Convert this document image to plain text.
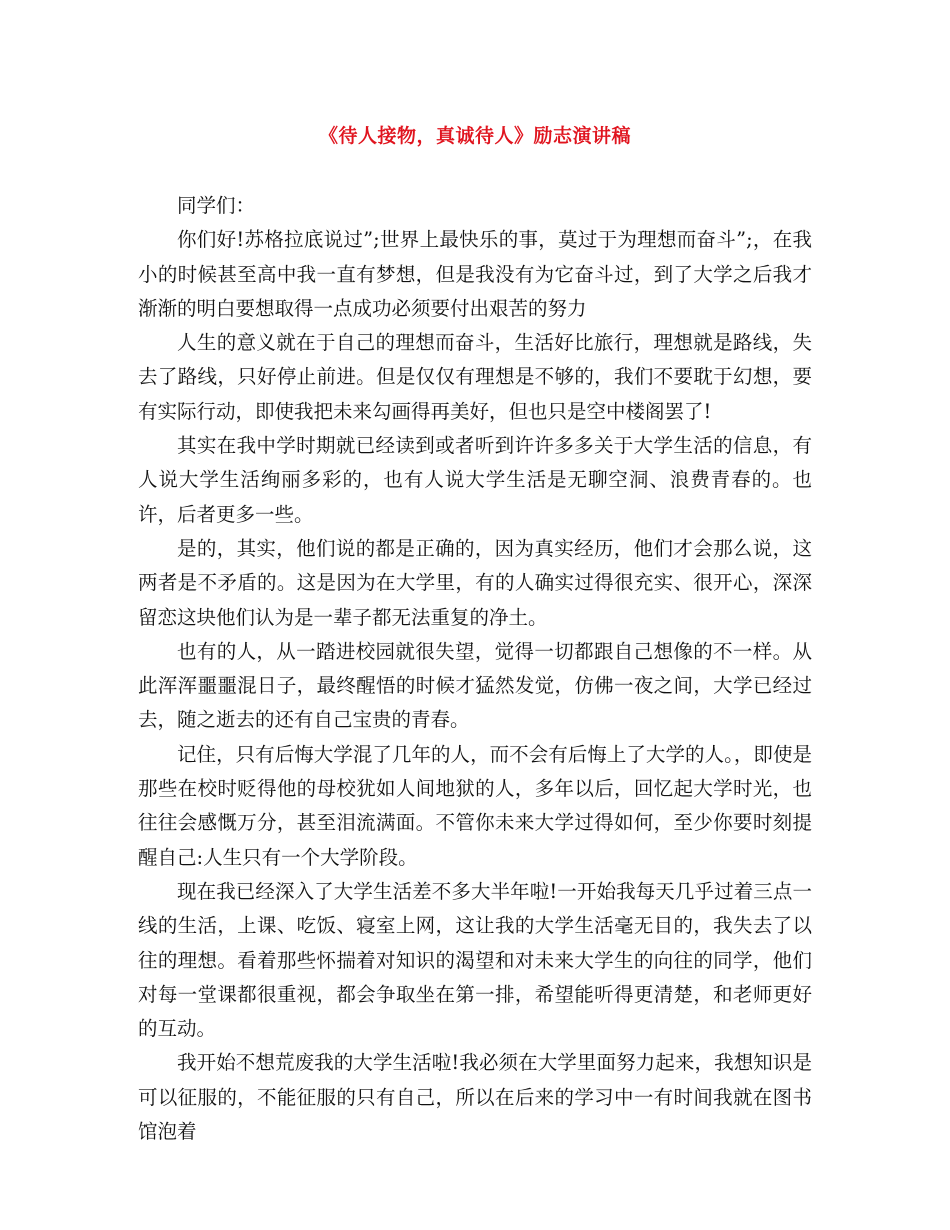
《待人接物，真诚待人》励志演讲稿

同学们：

你们好!苏格拉底说过”;世界上最快乐的事，莫过于为理想而奋斗”;，在我小的时候甚至高中我一直有梦想，但是我没有为它奋斗过，到了大学之后我才渐渐的明白要想取得一点成功必须要付出艰苦的努力

人生的意义就在于自己的理想而奋斗，生活好比旅行，理想就是路线，失去了路线，只好停止前进。但是仅仅有理想是不够的，我们不要耽于幻想，要有实际行动，即使我把未来勾画得再美好，但也只是空中楼阁罢了!

其实在我中学时期就已经读到或者听到许许多多关于大学生活的信息，有人说大学生活绚丽多彩的，也有人说大学生活是无聊空洞、浪费青春的。也许，后者更多一些。

是的，其实，他们说的都是正确的，因为真实经历，他们才会那么说，这两者是不矛盾的。这是因为在大学里，有的人确实过得很充实、很开心，深深留恋这块他们认为是一辈子都无法重复的净土。

也有的人，从一踏进校园就很失望，觉得一切都跟自己想像的不一样。从此浑浑噩噩混日子，最终醒悟的时候才猛然发觉，仿佛一夜之间，大学已经过去，随之逝去的还有自己宝贵的青春。

记住，只有后悔大学混了几年的人，而不会有后悔上了大学的人。，即使是那些在校时贬得他的母校犹如人间地狱的人，多年以后，回忆起大学时光，也往往会感慨万分，甚至泪流满面。不管你未来大学过得如何，至少你要时刻提醒自己:人生只有一个大学阶段。

现在我已经深入了大学生活差不多大半年啦!一开始我每天几乎过着三点一线的生活，上课、吃饭、寝室上网，这让我的大学生活毫无目的，我失去了以往的理想。看着那些怀揣着对知识的渴望和对未来大学生的向往的同学，他们对每一堂课都很重视，都会争取坐在第一排，希望能听得更清楚，和老师更好的互动。

我开始不想荒废我的大学生活啦!我必须在大学里面努力起来，我想知识是可以征服的，不能征服的只有自己，所以在后来的学习中一有时间我就在图书馆泡着
